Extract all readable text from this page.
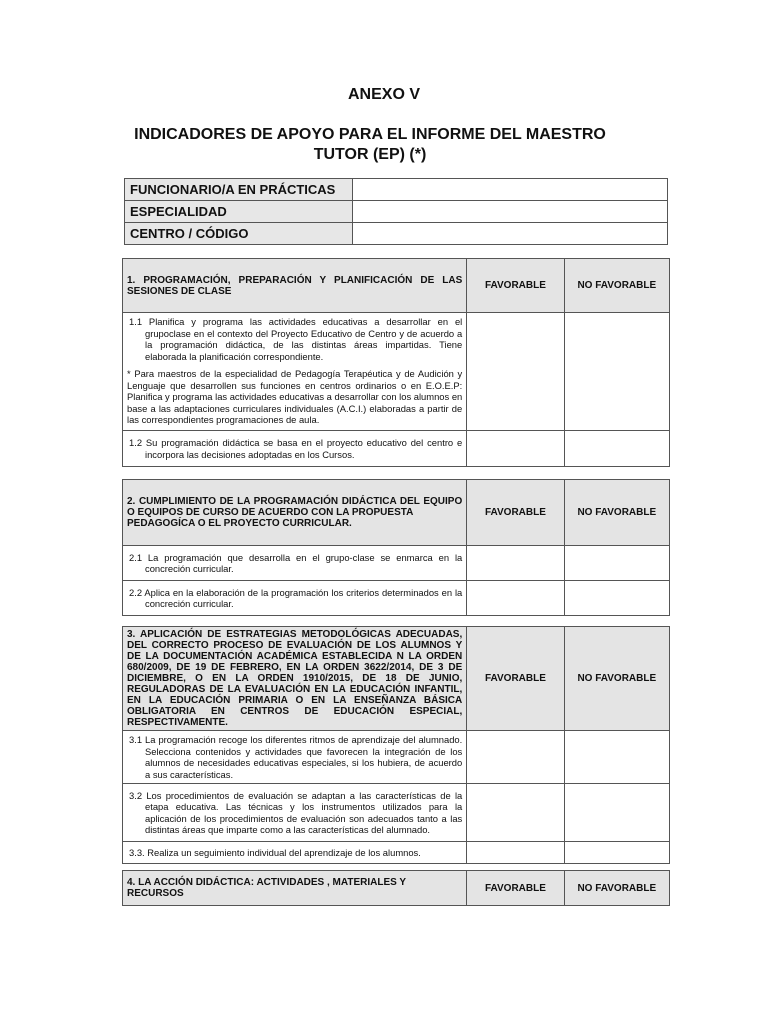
ANEXO V
INDICADORES DE APOYO PARA EL INFORME DEL MAESTRO TUTOR (EP) (*)
FUNCIONARIO/A EN PRÁCTICAS	
ESPECIALIDAD	
CENTRO / CÓDIGO	
1. PROGRAMACIÓN, PREPARACIÓN Y PLANIFICACIÓN DE LAS SESIONES DE CLASE	FAVORABLE	NO FAVORABLE

1.1 Planifica y programa las actividades educativas a desarrollar en el grupoclase en el contexto del Proyecto Educativo de Centro y de acuerdo a la programación didáctica, de las distintas áreas impartidas. Tiene elaborada la planificación correspondiente.

* Para maestros de la especialidad de Pedagogía Terapéutica y de Audición y Lenguaje que desarrollen sus funciones en centros ordinarios o en E.O.E.P: Planifica y programa las actividades educativas a desarrollar con los alumnos en base a las adaptaciones curriculares individuales (A.C.I.) elaboradas a partir de las correspondientes programaciones de aula.		

1.2 Su programación didáctica se basa en el proyecto educativo del centro e incorpora las decisiones adoptadas en los Cursos.		

2. CUMPLIMIENTO DE LA PROGRAMACIÓN DIDÁCTICA DEL EQUIPO O EQUIPOS DE CURSO DE ACUERDO CON LA PROPUESTA
PEDAGOGÍCA O EL PROYECTO CURRICULAR.	FAVORABLE	NO FAVORABLE

2.1 La programación que desarrolla en el grupo-clase se enmarca en la concreción curricular.		

2.2 Aplica en la elaboración de la programación los criterios determinados en la concreción curricular.		

3. APLICACIÓN DE ESTRATEGIAS METODOLÓGICAS ADECUADAS, DEL CORRECTO PROCESO DE EVALUACIÓN DE LOS ALUMNOS Y DE LA DOCUMENTACIÓN ACADÉMICA ESTABLECIDA N LA ORDEN 680/2009, DE 19 DE FEBRERO, EN LA ORDEN 3622/2014, DE 3 DE DICIEMBRE, O EN LA ORDEN 1910/2015, DE 18 DE JUNIO, REGULADORAS DE LA EVALUACIÓN EN LA EDUCACIÓN INFANTIL, EN LA EDUCACIÓN PRIMARIA O EN LA ENSEÑANZA BÁSICA OBLIGATORIA EN CENTROS DE EDUCACIÓN ESPECIAL, RESPECTIVAMENTE.	FAVORABLE	NO FAVORABLE

3.1 La programación recoge los diferentes ritmos de aprendizaje del alumnado. Selecciona contenidos y actividades que favorecen la integración de los alumnos de necesidades educativas especiales, si los hubiera, de acuerdo a sus características.		

3.2 Los procedimientos de evaluación se adaptan a las características de la etapa educativa. Las técnicas y los instrumentos utilizados para la aplicación de los procedimientos de evaluación son adecuados tanto a las distintas áreas que imparte como a las características del alumnado.		

3.3. Realiza un seguimiento individual del aprendizaje de los alumnos.		

4. LA ACCIÓN DIDÁCTICA: ACTIVIDADES , MATERIALES Y RECURSOS	FAVORABLE	NO FAVORABLE
